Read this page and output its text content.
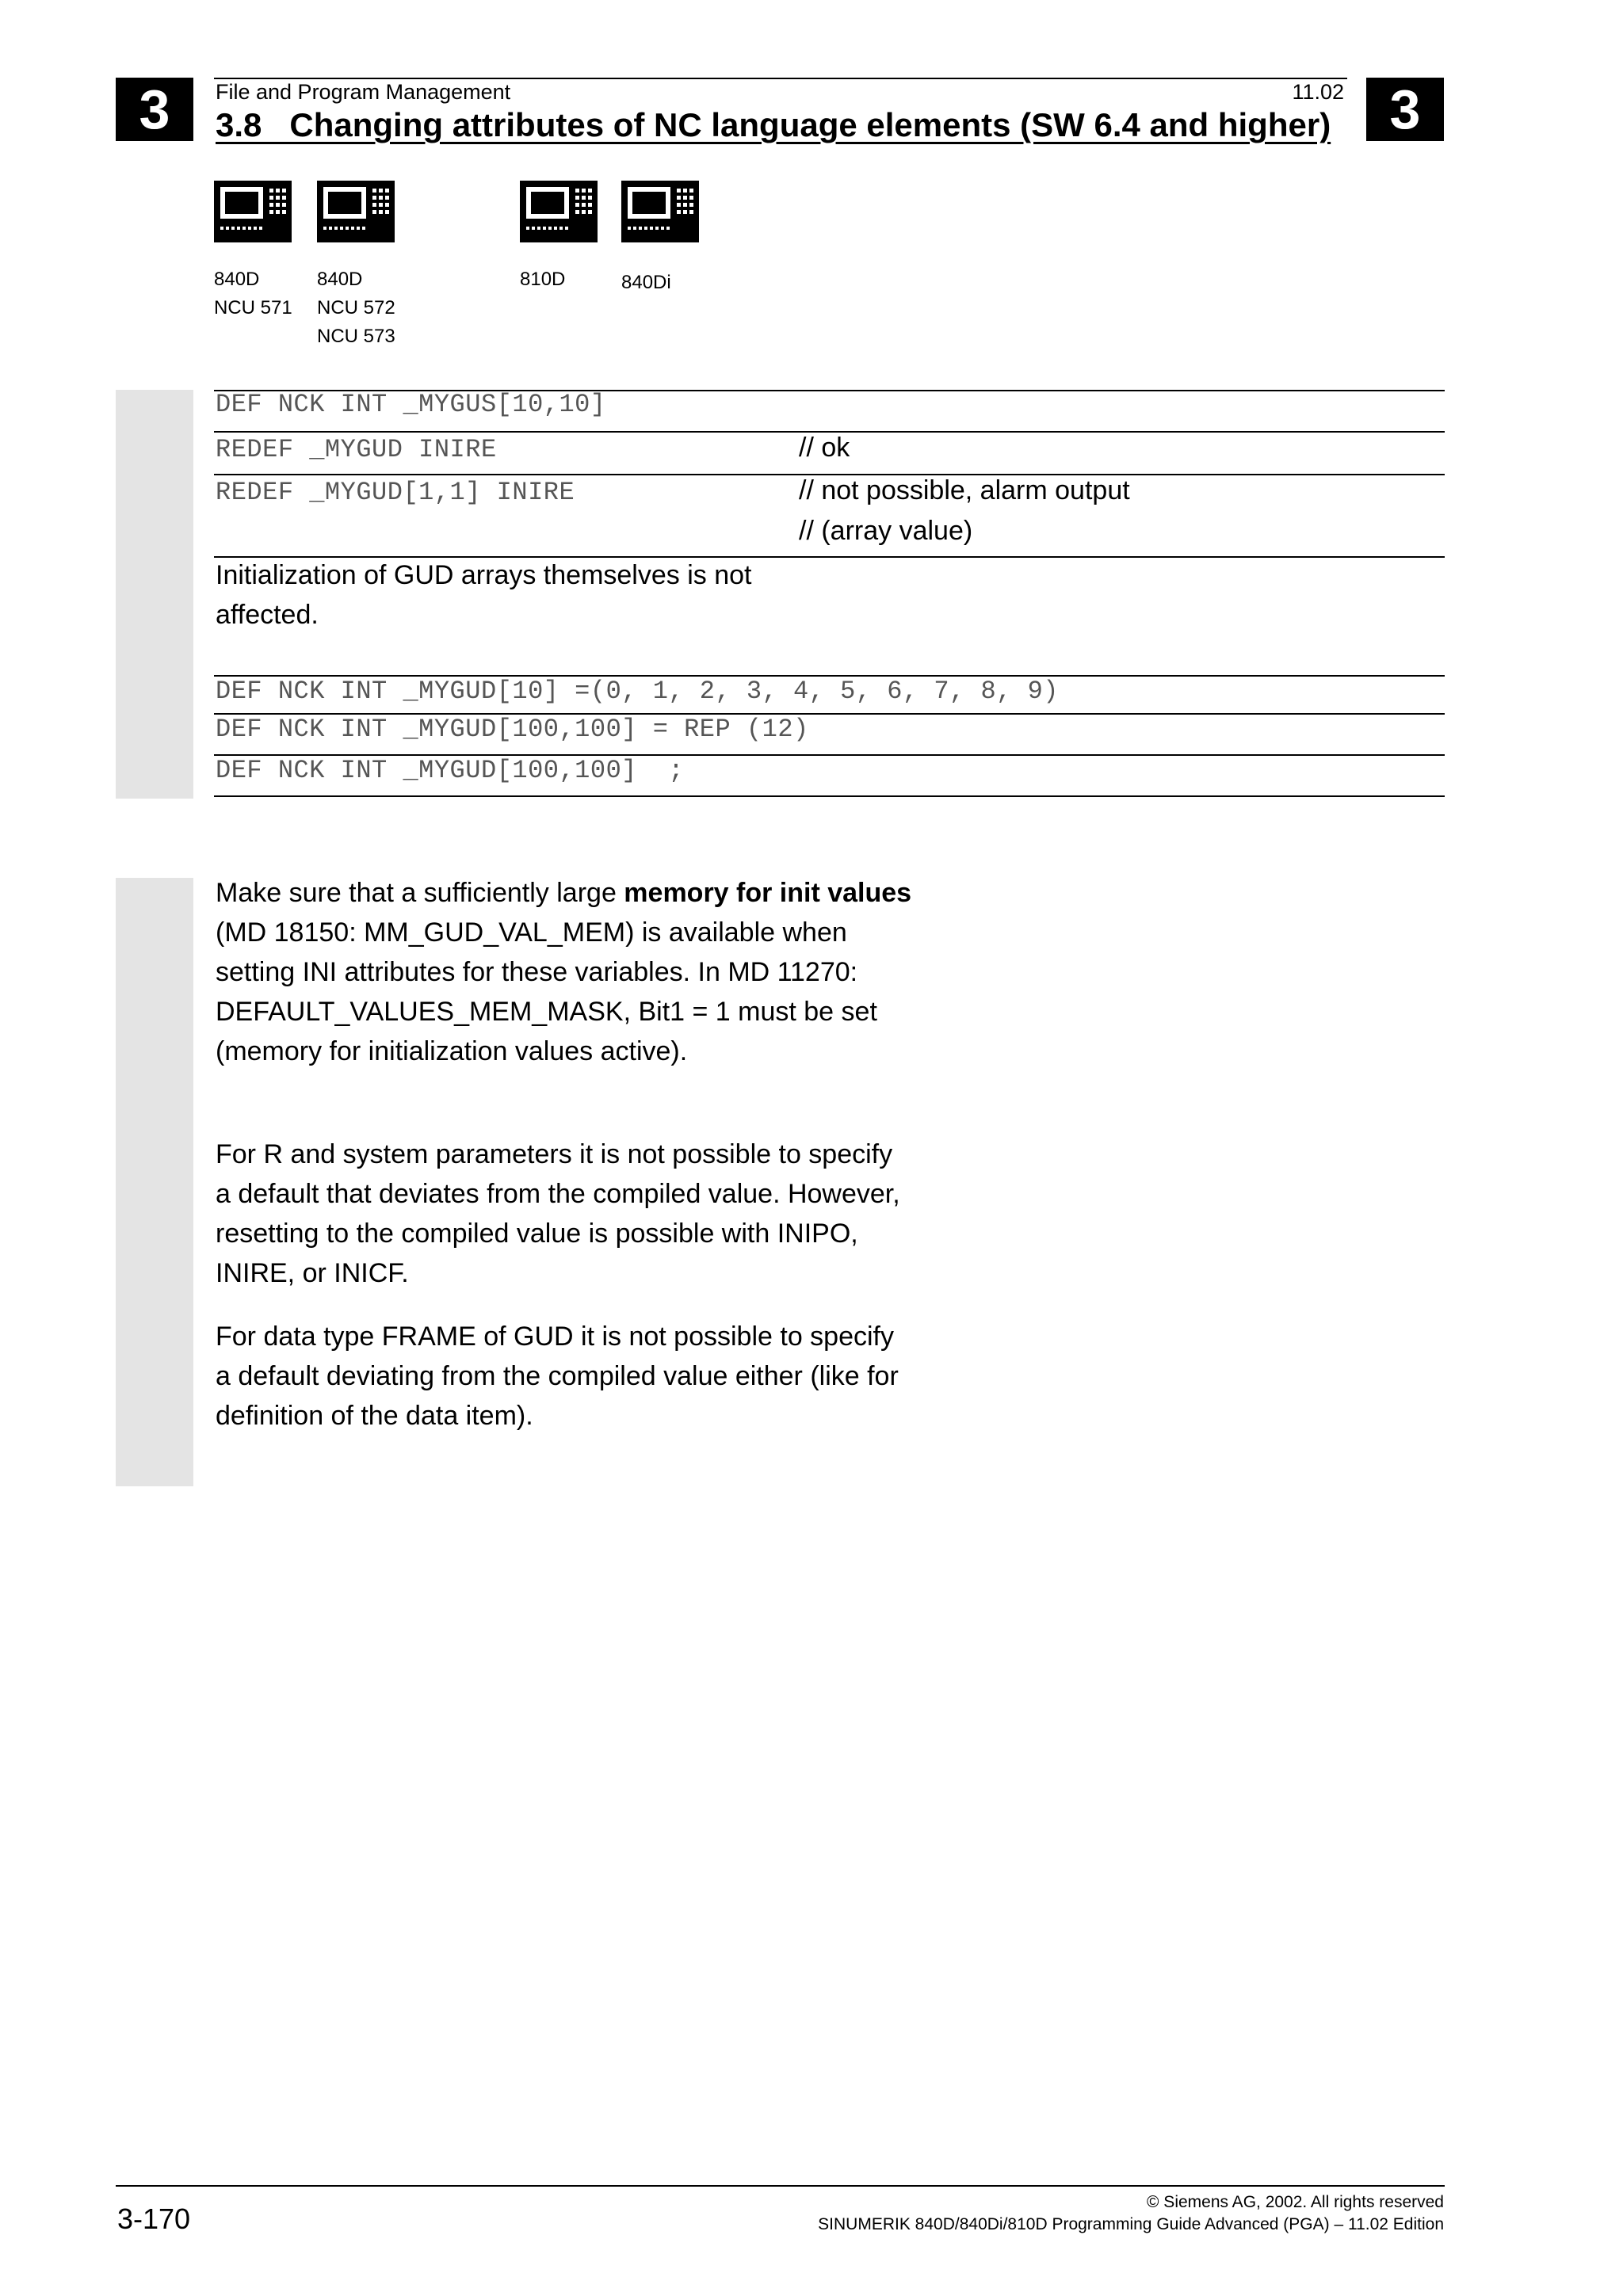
3	3
File and Program Management	11.02
3.8   Changing attributes of NC language elements (SW 6.4 and higher)
840D
NCU 571
840D
NCU 572
NCU 573
810D	840Di
DEF NCK INT _MYGUS[10,10]
REDEF _MYGUD INIRE	// ok
REDEF _MYGUD[1,1] INIRE	// not possible, alarm output
// (array value)
Initialization of GUD arrays themselves is not
affected.
DEF NCK INT _MYGUD[10] =(0, 1, 2, 3, 4, 5, 6, 7, 8, 9)
DEF NCK INT _MYGUD[100,100] = REP (12)
DEF NCK INT _MYGUD[100,100]  ;
Make sure that a sufficiently large memory for init values (MD 18150: MM_GUD_VAL_MEM) is available when setting INI attributes for these variables. In MD 11270: DEFAULT_VALUES_MEM_MASK, Bit1 = 1 must be set (memory for initialization values active).
For R and system parameters it is not possible to specify a default that deviates from the compiled value. However, resetting to the compiled value is possible with INIPO, INIRE, or INICF.
For data type FRAME of GUD it is not possible to specify a default deviating from the compiled value either (like for definition of the data item).
3-170
© Siemens AG, 2002. All rights reserved
SINUMERIK 840D/840Di/810D Programming Guide Advanced (PGA) – 11.02 Edition
